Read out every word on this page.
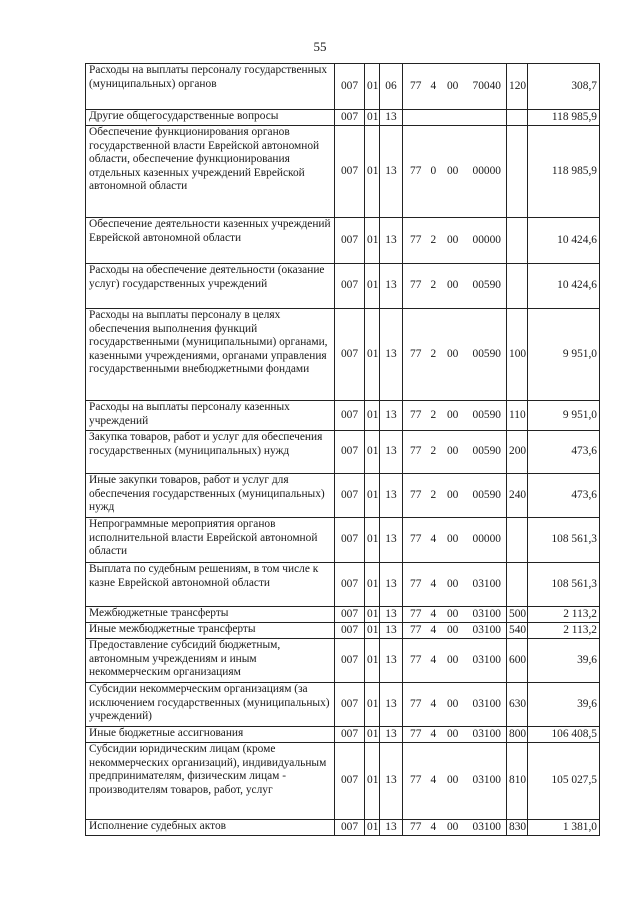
55
Расходы на выплаты персоналу государственных (муниципальных) органов	007	01	06	77 4 00 70040	120	308,7
Другие общегосударственные вопросы	007	01	13			118 985,9
Обеспечение функционирования органов государственной власти Еврейской автономной области, обеспечение функционирования отдельных казенных учреждений Еврейской автономной области	007	01	13	77 0 00 00000		118 985,9
Обеспечение деятельности казенных учреждений Еврейской автономной области	007	01	13	77 2 00 00000		10 424,6
Расходы на обеспечение деятельности (оказание услуг) государственных учреждений	007	01	13	77 2 00 00590		10 424,6
Расходы на выплаты персоналу в целях обеспечения выполнения функций государственными (муниципальными) органами, казенными учреждениями, органами управления государственными внебюджетными фондами	007	01	13	77 2 00 00590	100	9 951,0
Расходы на выплаты персоналу казенных учреждений	007	01	13	77 2 00 00590	110	9 951,0
Закупка товаров, работ и услуг для обеспечения государственных (муниципальных) нужд	007	01	13	77 2 00 00590	200	473,6
Иные закупки товаров, работ и услуг для обеспечения государственных (муниципальных) нужд	007	01	13	77 2 00 00590	240	473,6
Непрограммные мероприятия органов исполнительной власти Еврейской автономной области	007	01	13	77 4 00 00000		108 561,3
Выплата по судебным решениям, в том числе к казне Еврейской автономной области	007	01	13	77 4 00 03100		108 561,3
Межбюджетные трансферты	007	01	13	77 4 00 03100	500	2 113,2
Иные межбюджетные трансферты	007	01	13	77 4 00 03100	540	2 113,2
Предоставление субсидий бюджетным, автономным учреждениям и иным некоммерческим организациям	007	01	13	77 4 00 03100	600	39,6
Субсидии некоммерческим организациям (за исключением государственных (муниципальных) учреждений)	007	01	13	77 4 00 03100	630	39,6
Иные бюджетные ассигнования	007	01	13	77 4 00 03100	800	106 408,5
Субсидии юридическим лицам (кроме некоммерческих организаций), индивидуальным предпринимателям, физическим лицам - производителям товаров, работ, услуг	007	01	13	77 4 00 03100	810	105 027,5
Исполнение судебных актов	007	01	13	77 4 00 03100	830	1 381,0
